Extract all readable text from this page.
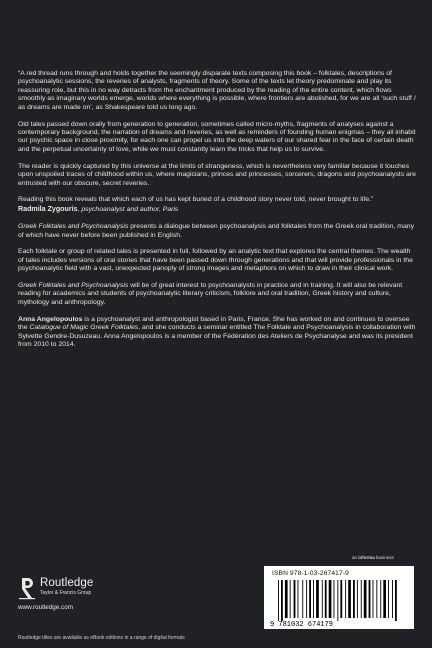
“A red thread runs through and holds together the seemingly disparate texts composing this book – folktales, descriptions of psychoanalytic sessions, the reveries of analysts, fragments of theory. Some of the texts let theory predominate and play its reassuring role, but this in no way detracts from the enchantment produced by the reading of the entire content, which flows smoothly as imaginary worlds emerge, worlds where everything is possible, where frontiers are abolished, for we are all ‘such stuff / as dreams are made on’, as Shakespeare told us long ago.

Old tales passed down orally from generation to generation, sometimes called micro-myths, fragments of analyses against a contemporary background, the narration of dreams and reveries, as well as reminders of founding human enigmas – they all inhabit our psychic space in close proximity, for each one can propel us into the deep waters of our shared fear in the face of certain death and the perpetual uncertainty of love, while we must constantly learn the tricks that help us to survive.

The reader is quickly captured by this universe at the limits of strangeness, which is nevertheless very familiar because it touches upon unspoiled traces of childhood within us, where magicians, princes and princesses, sorcerers, dragons and psychoanalysts are entrusted with our obscure, secret reveries.

Reading this book reveals that which each of us has kept buried of a childhood story never told, never brought to life.”

Radmila Zygouris, psychoanalyst and author, Paris

Greek Folktales and Psychoanalysis presents a dialogue between psychoanalysis and folktales from the Greek oral tradition, many of which have never before been published in English.

Each folktale or group of related tales is presented in full, followed by an analytic text that explores the central themes. The wealth of tales includes versions of oral stories that have been passed down through generations and that will provide professionals in the psychoanalytic field with a vast, unexpected panoply of strong images and metaphors on which to draw in their clinical work.

Greek Folktales and Psychoanalysis will be of great interest to psychoanalysts in practice and in training. It will also be relevant reading for academics and students of psychoanalytic literary criticism, folklore and oral tradition, Greek history and culture, mythology and anthropology.

Anna Angelopoulos is a psychoanalyst and anthropologist based in Paris, France. She has worked on and continues to oversee the Catalogue of Magic Greek Folktales, and she conducts a seminar entitled The Folktale and Psychoanalysis in collaboration with Sylvette Gendre-Dusuzeau. Anna Angelopoulos is a member of the Fédération des Ateliers de Psychanalyse and was its president from 2010 to 2014.

an informa business
Routledge
Taylor & Francis Group
www.routledge.com
ISBN 978-1-03-267417-9
9 781032 674179
Routledge titles are available as eBook editions in a range of digital formats
